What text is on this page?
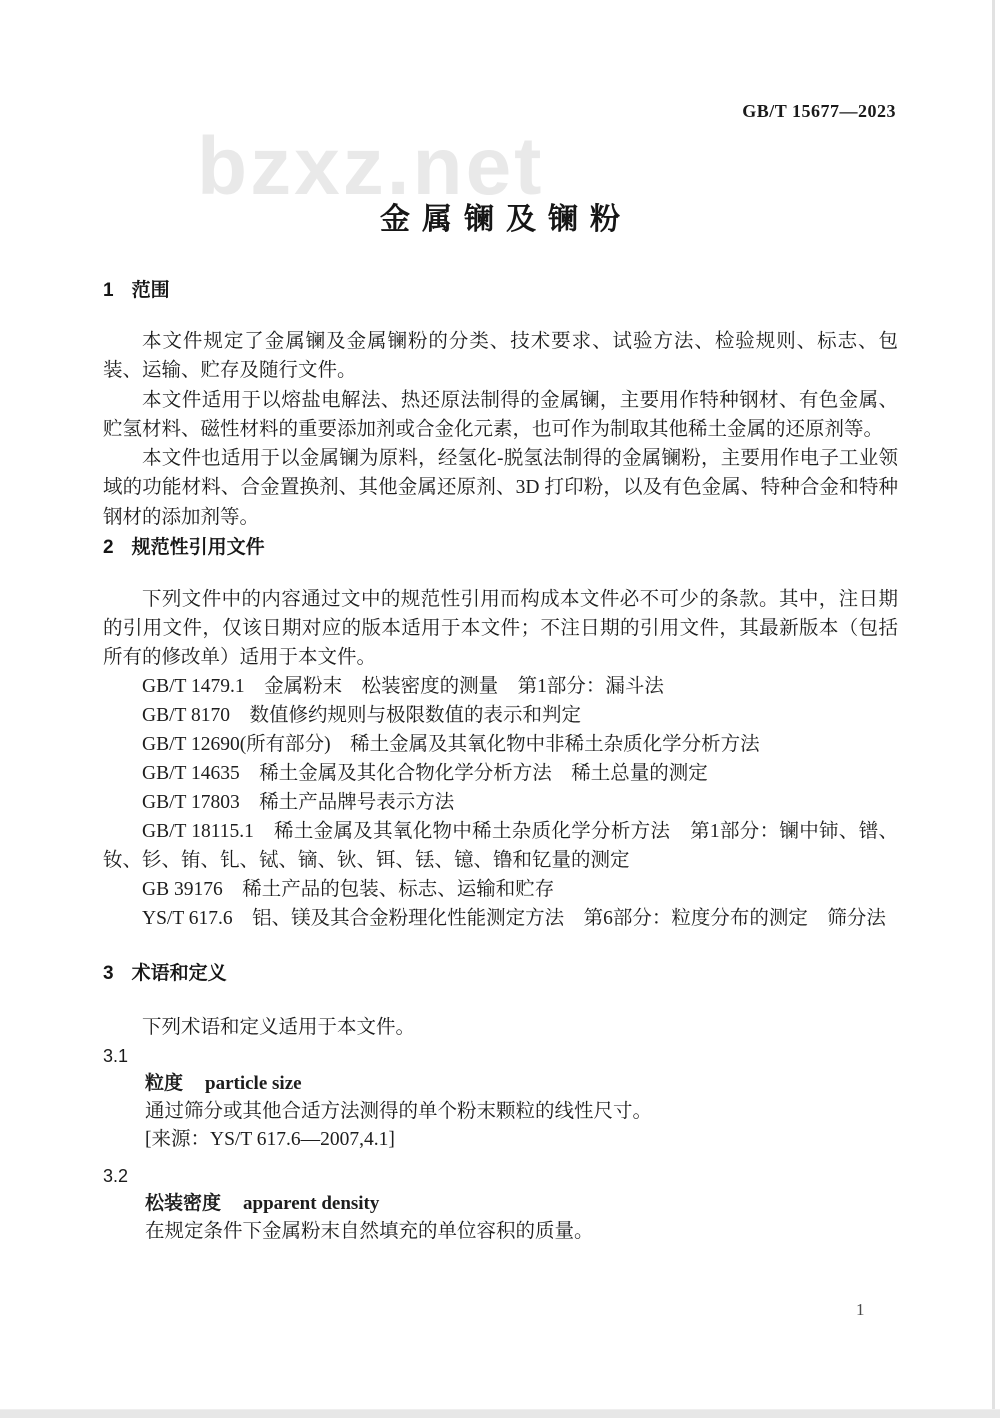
GB/T 15677—2023
bzxz.net
金属镧及镧粉
1 范围

本文件规定了金属镧及金属镧粉的分类、技术要求、试验方法、检验规则、标志、包装、运输、贮存及随行文件。

本文件适用于以熔盐电解法、热还原法制得的金属镧，主要用作特种钢材、有色金属、贮氢材料、磁性材料的重要添加剂或合金化元素，也可作为制取其他稀土金属的还原剂等。

本文件也适用于以金属镧为原料，经氢化-脱氢法制得的金属镧粉，主要用作电子工业领域的功能材料、合金置换剂、其他金属还原剂、3D 打印粉，以及有色金属、特种合金和特种钢材的添加剂等。

2 规范性引用文件

下列文件中的内容通过文中的规范性引用而构成本文件必不可少的条款。其中，注日期的引用文件，仅该日期对应的版本适用于本文件；不注日期的引用文件，其最新版本（包括所有的修改单）适用于本文件。

GB/T 1479.1　金属粉末　松装密度的测量　第1部分：漏斗法

GB/T 8170　数值修约规则与极限数值的表示和判定

GB/T 12690(所有部分)　稀土金属及其氧化物中非稀土杂质化学分析方法

GB/T 14635　稀土金属及其化合物化学分析方法　稀土总量的测定

GB/T 17803　稀土产品牌号表示方法

GB/T 18115.1　稀土金属及其氧化物中稀土杂质化学分析方法　第1部分：镧中铈、镨、钕、钐、铕、钆、铽、镝、钬、铒、铥、镱、镥和钇量的测定

GB 39176　稀土产品的包装、标志、运输和贮存

YS/T 617.6　铝、镁及其合金粉理化性能测定方法　第6部分：粒度分布的测定　筛分法

3 术语和定义

下列术语和定义适用于本文件。

3.1

粒度 particle size

通过筛分或其他合适方法测得的单个粉末颗粒的线性尺寸。

[来源：YS/T 617.6—2007,4.1]

3.2

松装密度 apparent density

在规定条件下金属粉末自然填充的单位容积的质量。

1
